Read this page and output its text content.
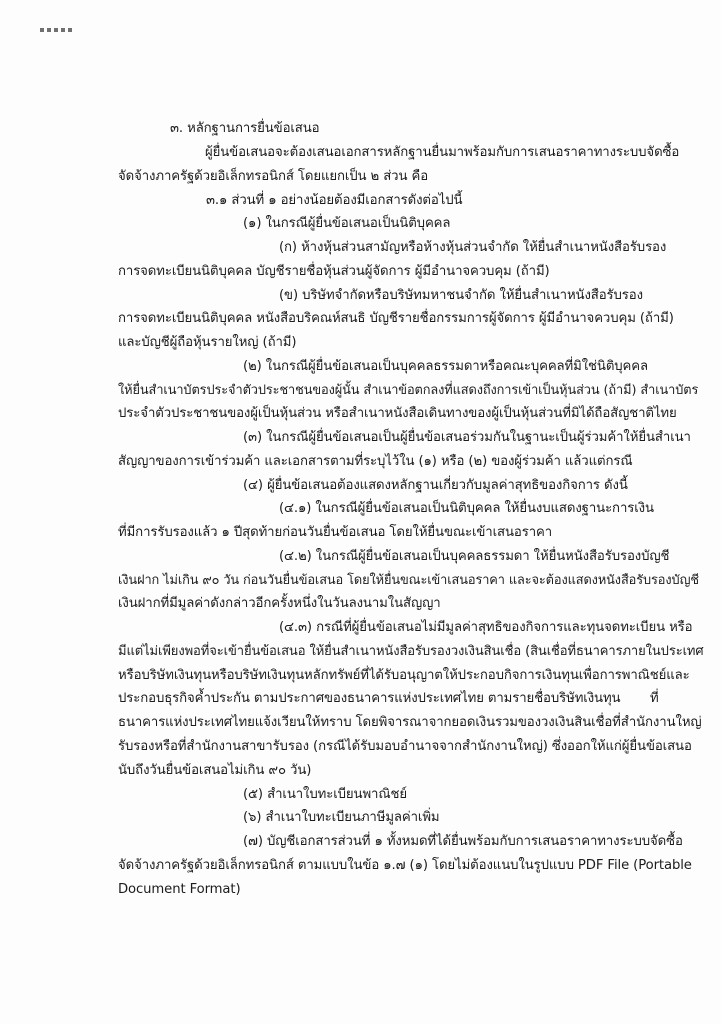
๓. หลักฐานการยื่นข้อเสนอ
ผู้ยื่นข้อเสนอจะต้องเสนอเอกสารหลักฐานยื่นมาพร้อมกับการเสนอราคาทางระบบจัดซื้อ
จัดจ้างภาครัฐด้วยอิเล็กทรอนิกส์ โดยแยกเป็น ๒ ส่วน คือ
๓.๑ ส่วนที่ ๑ อย่างน้อยต้องมีเอกสารดังต่อไปนี้
(๑) ในกรณีผู้ยื่นข้อเสนอเป็นนิติบุคคล
(ก) ห้างหุ้นส่วนสามัญหรือห้างหุ้นส่วนจำกัด ให้ยื่นสำเนาหนังสือรับรอง
การจดทะเบียนนิติบุคคล บัญชีรายชื่อหุ้นส่วนผู้จัดการ ผู้มีอำนาจควบคุม (ถ้ามี)
(ข) บริษัทจำกัดหรือบริษัทมหาชนจำกัด ให้ยื่นสำเนาหนังสือรับรอง
การจดทะเบียนนิติบุคคล หนังสือบริคณห์สนธิ บัญชีรายชื่อกรรมการผู้จัดการ ผู้มีอำนาจควบคุม (ถ้ามี)
และบัญชีผู้ถือหุ้นรายใหญ่ (ถ้ามี)
(๒) ในกรณีผู้ยื่นข้อเสนอเป็นบุคคลธรรมดาหรือคณะบุคคลที่มิใช่นิติบุคคล
ให้ยื่นสำเนาบัตรประจำตัวประชาชนของผู้นั้น สำเนาข้อตกลงที่แสดงถึงการเข้าเป็นหุ้นส่วน (ถ้ามี) สำเนาบัตร
ประจำตัวประชาชนของผู้เป็นหุ้นส่วน หรือสำเนาหนังสือเดินทางของผู้เป็นหุ้นส่วนที่มิได้ถือสัญชาติไทย
(๓) ในกรณีผู้ยื่นข้อเสนอเป็นผู้ยื่นข้อเสนอร่วมกันในฐานะเป็นผู้ร่วมค้าให้ยื่นสำเนา
สัญญาของการเข้าร่วมค้า และเอกสารตามที่ระบุไว้ใน (๑) หรือ (๒) ของผู้ร่วมค้า แล้วแต่กรณี
(๔) ผู้ยื่นข้อเสนอต้องแสดงหลักฐานเกี่ยวกับมูลค่าสุทธิของกิจการ ดังนี้
(๔.๑) ในกรณีผู้ยื่นข้อเสนอเป็นนิติบุคคล ให้ยื่นงบแสดงฐานะการเงิน
ที่มีการรับรองแล้ว ๑ ปีสุดท้ายก่อนวันยื่นข้อเสนอ โดยให้ยื่นขณะเข้าเสนอราคา
(๔.๒) ในกรณีผู้ยื่นข้อเสนอเป็นบุคคลธรรมดา ให้ยื่นหนังสือรับรองบัญชี
เงินฝาก ไม่เกิน ๙๐ วัน ก่อนวันยื่นข้อเสนอ โดยให้ยื่นขณะเข้าเสนอราคา และจะต้องแสดงหนังสือรับรองบัญชี
เงินฝากที่มีมูลค่าดังกล่าวอีกครั้งหนึ่งในวันลงนามในสัญญา
(๔.๓) กรณีที่ผู้ยื่นข้อเสนอไม่มีมูลค่าสุทธิของกิจการและทุนจดทะเบียน หรือ
มีแต่ไม่เพียงพอที่จะเข้ายื่นข้อเสนอ ให้ยื่นสำเนาหนังสือรับรองวงเงินสินเชื่อ (สินเชื่อที่ธนาคารภายในประเทศ
หรือบริษัทเงินทุนหรือบริษัทเงินทุนหลักทรัพย์ที่ได้รับอนุญาตให้ประกอบกิจการเงินทุนเพื่อการพาณิชย์และ
ประกอบธุรกิจค้ำประกัน ตามประกาศของธนาคารแห่งประเทศไทย ตามรายชื่อบริษัทเงินทุน ที่
ธนาคารแห่งประเทศไทยแจ้งเวียนให้ทราบ โดยพิจารณาจากยอดเงินรวมของวงเงินสินเชื่อที่สำนักงานใหญ่
รับรองหรือที่สำนักงานสาขารับรอง (กรณีได้รับมอบอำนาจจากสำนักงานใหญ่) ซึ่งออกให้แก่ผู้ยื่นข้อเสนอ
นับถึงวันยื่นข้อเสนอไม่เกิน ๙๐ วัน)
(๕) สำเนาใบทะเบียนพาณิชย์
(๖) สำเนาใบทะเบียนภาษีมูลค่าเพิ่ม
(๗) บัญชีเอกสารส่วนที่ ๑ ทั้งหมดที่ได้ยื่นพร้อมกับการเสนอราคาทางระบบจัดซื้อ
จัดจ้างภาครัฐด้วยอิเล็กทรอนิกส์ ตามแบบในข้อ ๑.๗ (๑) โดยไม่ต้องแนบในรูปแบบ PDF File (Portable
Document Format)
